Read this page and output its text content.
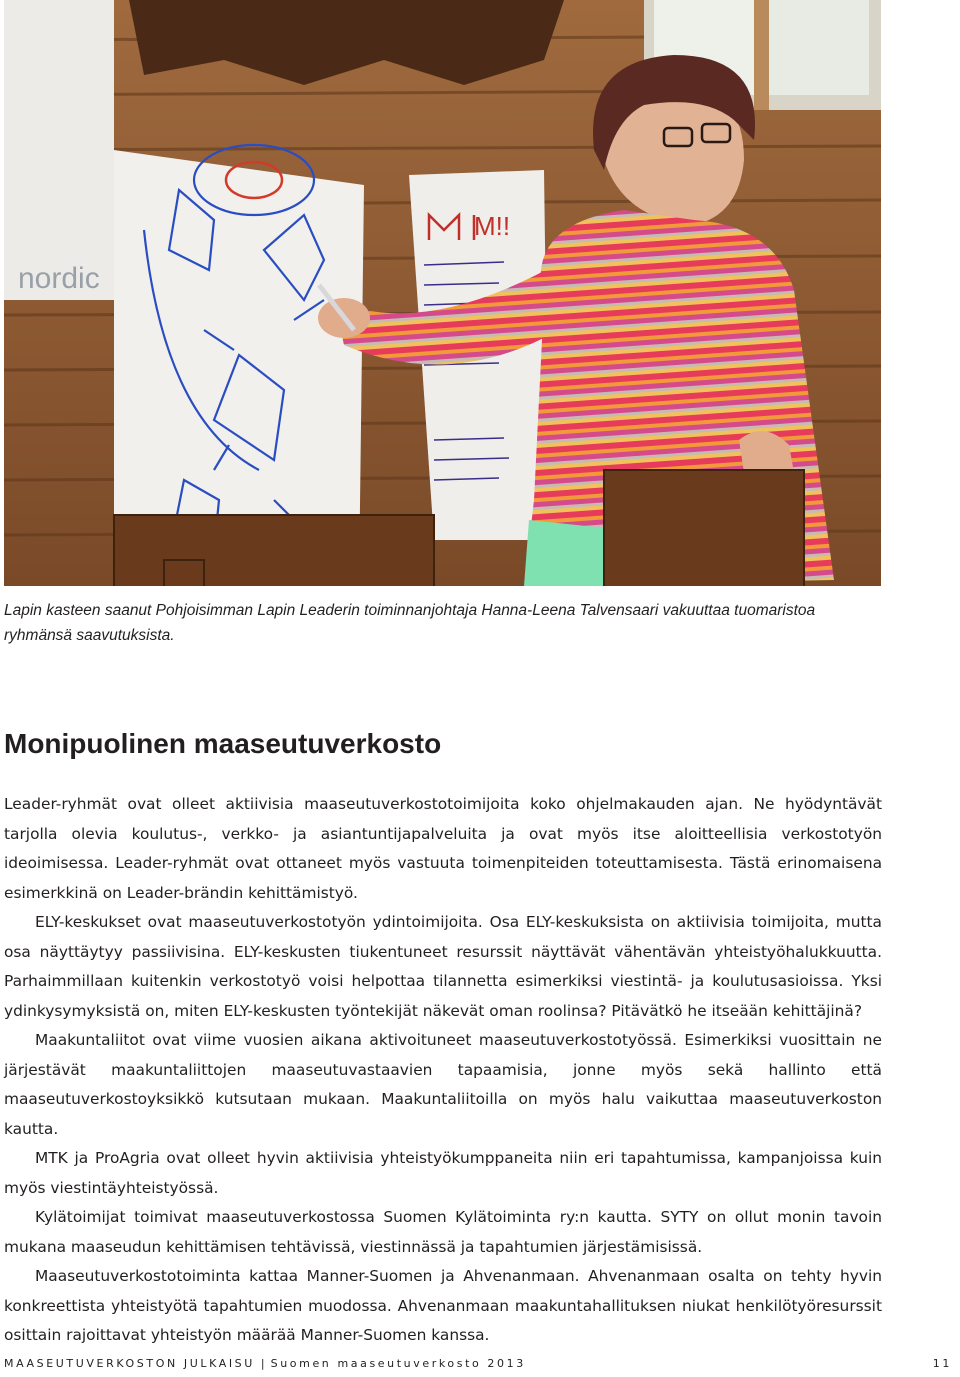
nordic
M!!

Lapin kasteen saanut Pohjoisimman Lapin Leaderin toiminnanjohtaja Hanna-Leena Talvensaari vakuuttaa tuomaristoa ryhmänsä saavutuksista.

Monipuolinen maaseutuverkosto

Leader-ryhmät ovat olleet aktiivisia maaseutuverkostotoimijoita koko ohjelmakauden ajan. Ne hyödyntävät tarjolla olevia koulutus-, verkko- ja asiantuntijapalveluita ja ovat myös itse aloitteellisia verkostotyön ideoimisessa. Leader-ryhmät ovat ottaneet myös vastuuta toimenpiteiden toteuttamisesta. Tästä erinomaisena esimerkkinä on Leader-brändin kehittämistyö.

ELY-keskukset ovat maaseutuverkostotyön ydintoimijoita. Osa ELY-keskuksista on aktiivisia toimijoita, mutta osa näyttäytyy passiivisina. ELY-keskusten tiukentuneet resurssit näyttävät vähentävän yhteistyöhalukkuutta. Parhaimmillaan kuitenkin verkostotyö voisi helpottaa tilannetta esimerkiksi viestintä- ja koulutusasioissa. Yksi ydinkysymyksistä on, miten ELY-keskusten työntekijät näkevät oman roolinsa? Pitävätkö he itseään kehittäjinä?

Maakuntaliitot ovat viime vuosien aikana aktivoituneet maaseutuverkostotyössä. Esimerkiksi vuosittain ne järjestävät maakuntaliittojen maaseutuvastaavien tapaamisia, jonne myös sekä hallinto että maaseutuverkostoyksikkö kutsutaan mukaan. Maakuntaliitoilla on myös halu vaikuttaa maaseutuverkoston kautta.

MTK ja ProAgria ovat olleet hyvin aktiivisia yhteistyökumppaneita niin eri tapahtumissa, kampanjoissa kuin myös viestintäyhteistyössä.

Kylätoimijat toimivat maaseutuverkostossa Suomen Kylätoiminta ry:n kautta. SYTY on ollut monin tavoin mukana maaseudun kehittämisen tehtävissä, viestinnässä ja tapahtumien järjestämisissä.

Maaseutuverkostotoiminta kattaa Manner-Suomen ja Ahvenanmaan. Ahvenanmaan osalta on tehty hyvin konkreettista yhteistyötä tapahtumien muodossa. Ahvenanmaan maakuntahallituksen niukat henkilötyöresurssit osittain rajoittavat yhteistyön määrää Manner-Suomen kanssa.

MAASEUTUVERKOSTON JULKAISU | Suomen maaseutuverkosto 2013	11
